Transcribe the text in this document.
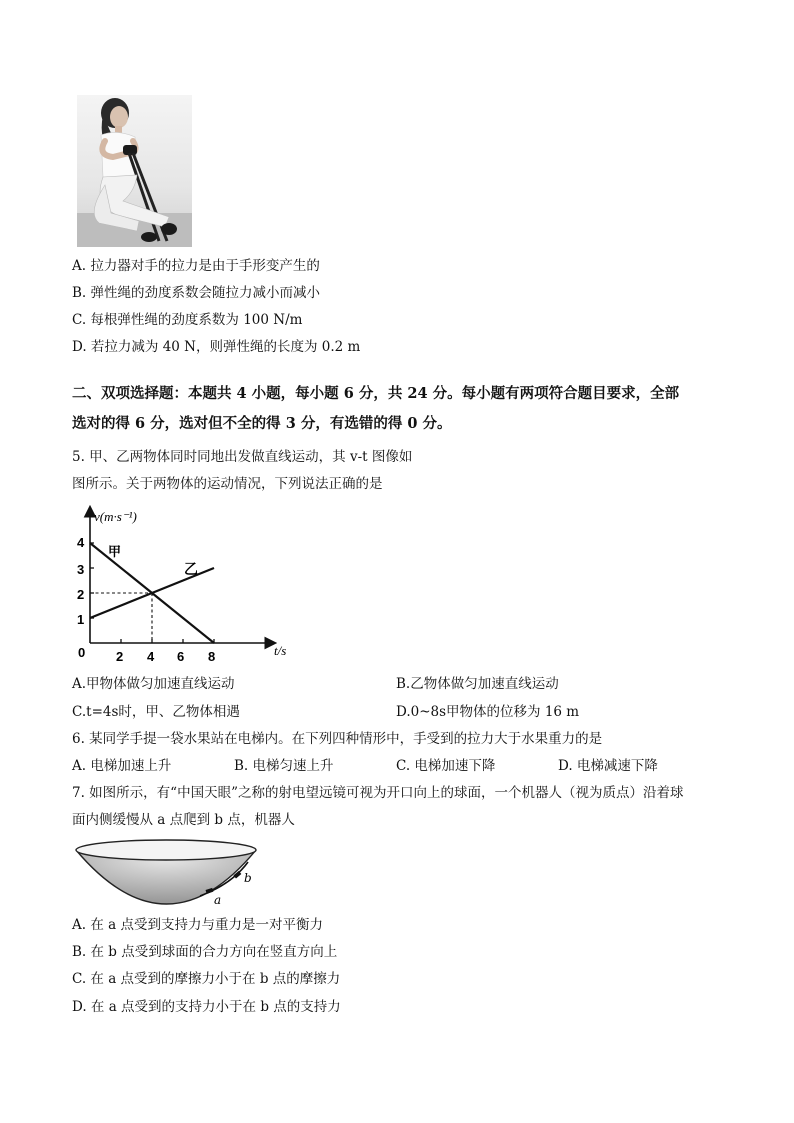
A. 拉力器对手的拉力是由于手形变产生的
B. 弹性绳的劲度系数会随拉力减小而减小
C. 每根弹性绳的劲度系数为 100 N/m
D. 若拉力减为 40 N，则弹性绳的长度为 0.2 m
二、双项选择题：本题共 4 小题，每小题 6 分，共 24 分。每小题有两项符合题目要求，全部
选对的得 6 分，选对但不全的得 3 分，有选错的得 0 分。
5. 甲、乙两物体同时同地出发做直线运动，其 v-t 图像如
图所示。关于两物体的运动情况，下列说法正确的是
v(m·s⁻¹)
t/s
0 2 4 6 8
1
2
3
4
甲
乙
A.甲物体做匀加速直线运动	B.乙物体做匀加速直线运动
C.t=4s时，甲、乙物体相遇	D.0~8s甲物体的位移为 16 m
6. 某同学手提一袋水果站在电梯内。在下列四种情形中，手受到的拉力大于水果重力的是
A. 电梯加速上升	B. 电梯匀速上升	C. 电梯加速下降	D. 电梯减速下降
7. 如图所示，有“中国天眼”之称的射电望远镜可视为开口向上的球面，一个机器人（视为质点）沿着球
面内侧缓慢从 a 点爬到 b 点，机器人
a
b
A. 在 a 点受到支持力与重力是一对平衡力
B. 在 b 点受到球面的合力方向在竖直方向上
C. 在 a 点受到的摩擦力小于在 b 点的摩擦力
D. 在 a 点受到的支持力小于在 b 点的支持力
